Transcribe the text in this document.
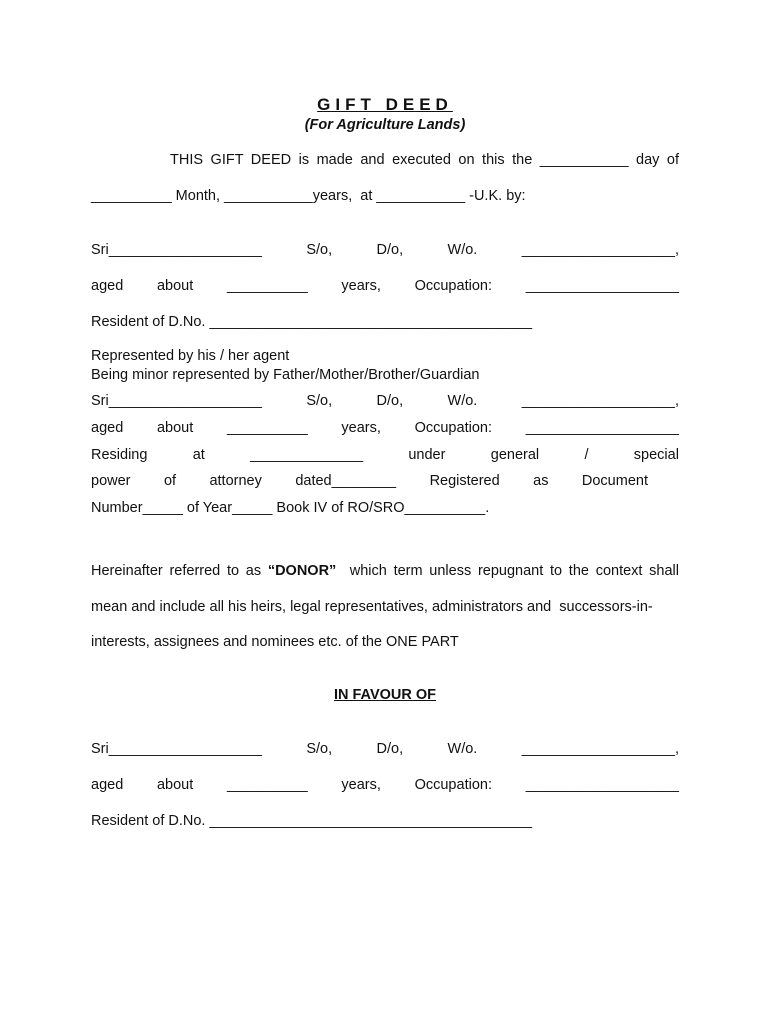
GIFT DEED
(For Agriculture Lands)
THIS GIFT DEED is made and executed on this the ___________ day of
__________ Month, ___________years,  at ___________ -U.K. by:
Sri___________________	S/o,	D/o,	W/o.	___________________,
aged about __________ years, Occupation: ___________________
Resident of D.No. ________________________________________
Represented by his / her agent
Being minor represented by Father/Mother/Brother/Guardian
Sri___________________	S/o,	D/o,	W/o.	___________________,
aged about __________ years, Occupation: ___________________
Residing	at	______________	under	general	/	special
power of attorney dated________ Registered as Document
Number_____ of Year_____ Book IV of RO/SRO__________.
Hereinafter referred to as “DONOR”  which term unless repugnant to the context shall
mean and include all his heirs, legal representatives, administrators and  successors-in-
interests, assignees and nominees etc. of the ONE PART
IN FAVOUR OF
Sri___________________	S/o,	D/o,	W/o.	___________________,
aged about __________ years, Occupation: ___________________
Resident of D.No. ________________________________________
